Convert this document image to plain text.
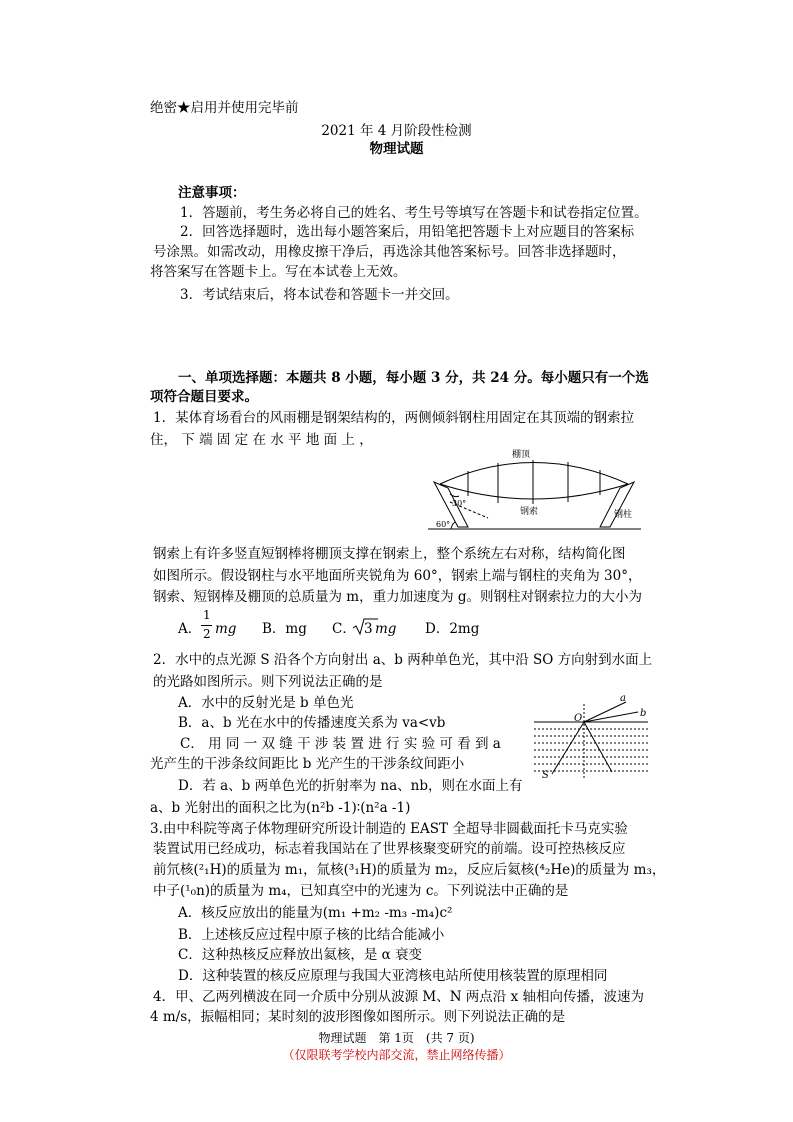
绝密★启用并使用完毕前
2021 年 4 月阶段性检测
物理试题
注意事项：
1．答题前，考生务必将自己的姓名、考生号等填写在答题卡和试卷指定位置。
2．回答选择题时，选出每小题答案后，用铅笔把答题卡上对应题目的答案标
号涂黑。如需改动，用橡皮擦干净后，再选涂其他答案标号。回答非选择题时，
将答案写在答题卡上。写在本试卷上无效。
3．考试结束后，将本试卷和答题卡一并交回。
一、单项选择题：本题共 8 小题，每小题 3 分，共 24 分。每小题只有一个选
项符合题目要求。
1．某体育场看台的风雨棚是钢架结构的，两侧倾斜钢柱用固定在其顶端的钢索拉
住， 下 端 固 定 在 水 平 地 面 上 ，
棚顶
钢索	钢柱
30°
60°
钢索上有许多竖直短钢棒将棚顶支撑在钢索上，整个系统左右对称，结构简化图
如图所示。假设钢柱与水平地面所夹锐角为 60°，钢索上端与钢柱的夹角为 30°，
钢索、短钢棒及棚顶的总质量为 m，重力加速度为 g。则钢柱对钢索拉力的大小为
A．
1
2 mg B．mg C． 3 mg D．2mg
2．水中的点光源 S 沿各个方向射出 a、b 两种单色光，其中沿 SO 方向射到水面上
的光路如图所示。则下列说法正确的是
A．水中的反射光是 b 单色光
B．a、b 光在水中的传播速度关系为 va<vb
C． 用 同 一 双 缝 干 涉 装 置 进 行 实 验 可 看 到 a
光产生的干涉条纹间距比 b 光产生的干涉条纹间距小
D．若 a、b 两单色光的折射率为 na、nb，则在水面上有
a、b 光射出的面积之比为(n²b -1)∶(n²a -1)
O
a
b
S
3.由中科院等离子体物理研究所设计制造的 EAST 全超导非圆截面托卡马克实验
装置试用已经成功，标志着我国站在了世界核聚变研究的前端。设可控热核反应
前氘核(²₁H)的质量为 m₁，氚核(³₁H)的质量为 m₂，反应后氦核(⁴₂He)的质量为 m₃，
中子(¹₀n)的质量为 m₄，已知真空中的光速为 c。下列说法中正确的是
A．核反应放出的能量为(m₁ +m₂ -m₃ -m₄)c²
B．上述核反应过程中原子核的比结合能减小
C．这种热核反应释放出氦核，是 α 衰变
D．这种装置的核反应原理与我国大亚湾核电站所使用核装置的原理相同
4．甲、乙两列横波在同一介质中分别从波源 M、N 两点沿 x 轴相向传播，波速为
4 m/s，振幅相同；某时刻的波形图像如图所示。则下列说法正确的是
物理试题　第 1页　(共 7 页)
（仅限联考学校内部交流，禁止网络传播）
